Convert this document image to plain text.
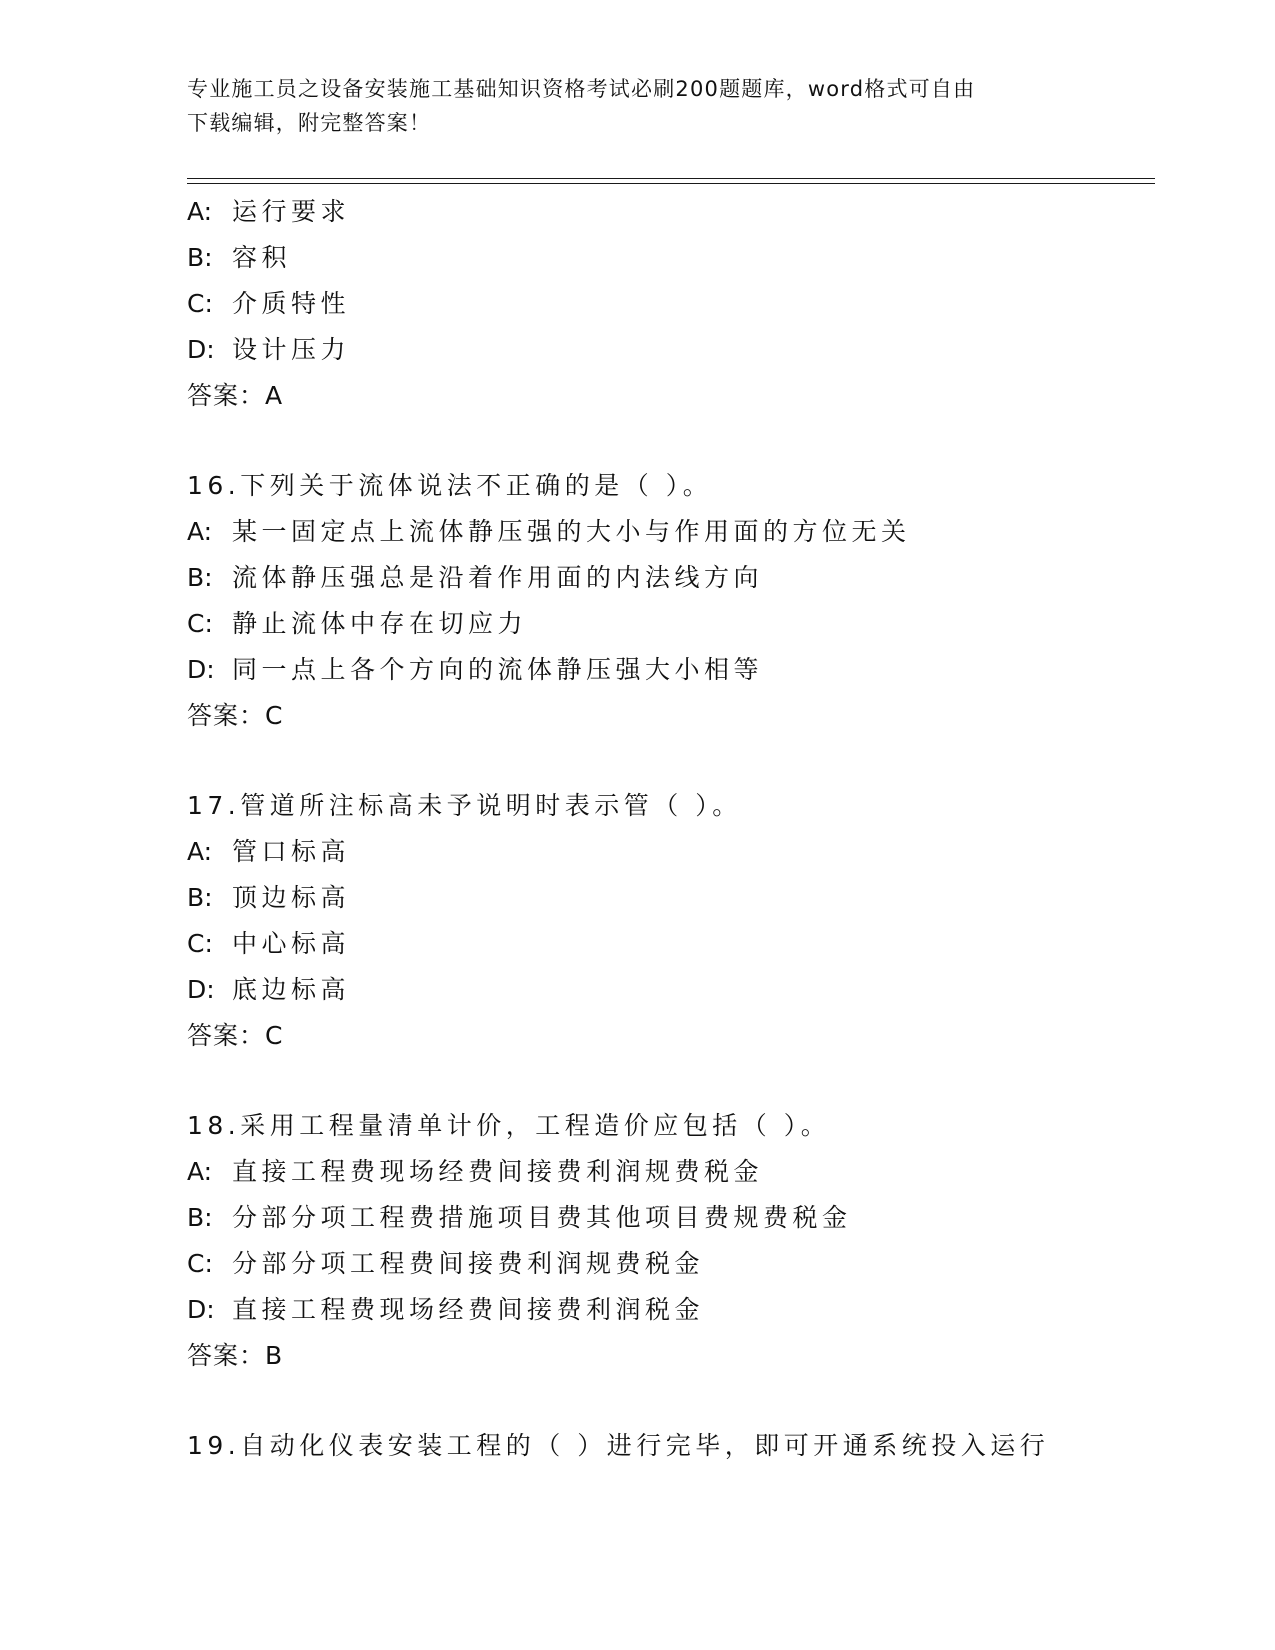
专业施工员之设备安装施工基础知识资格考试必刷200题题库，word格式可自由
下载编辑，附完整答案！
A: 运行要求
B: 容积
C: 介质特性
D: 设计压力
答案：A
16.下列关于流体说法不正确的是（ ）。
A: 某一固定点上流体静压强的大小与作用面的方位无关
B: 流体静压强总是沿着作用面的内法线方向
C: 静止流体中存在切应力
D: 同一点上各个方向的流体静压强大小相等
答案：C
17.管道所注标高未予说明时表示管（ ）。
A: 管口标高
B: 顶边标高
C: 中心标高
D: 底边标高
答案：C
18.采用工程量清单计价，工程造价应包括（ ）。
A: 直接工程费现场经费间接费利润规费税金
B: 分部分项工程费措施项目费其他项目费规费税金
C: 分部分项工程费间接费利润规费税金
D: 直接工程费现场经费间接费利润税金
答案：B
19.自动化仪表安装工程的（ ）进行完毕，即可开通系统投入运行
